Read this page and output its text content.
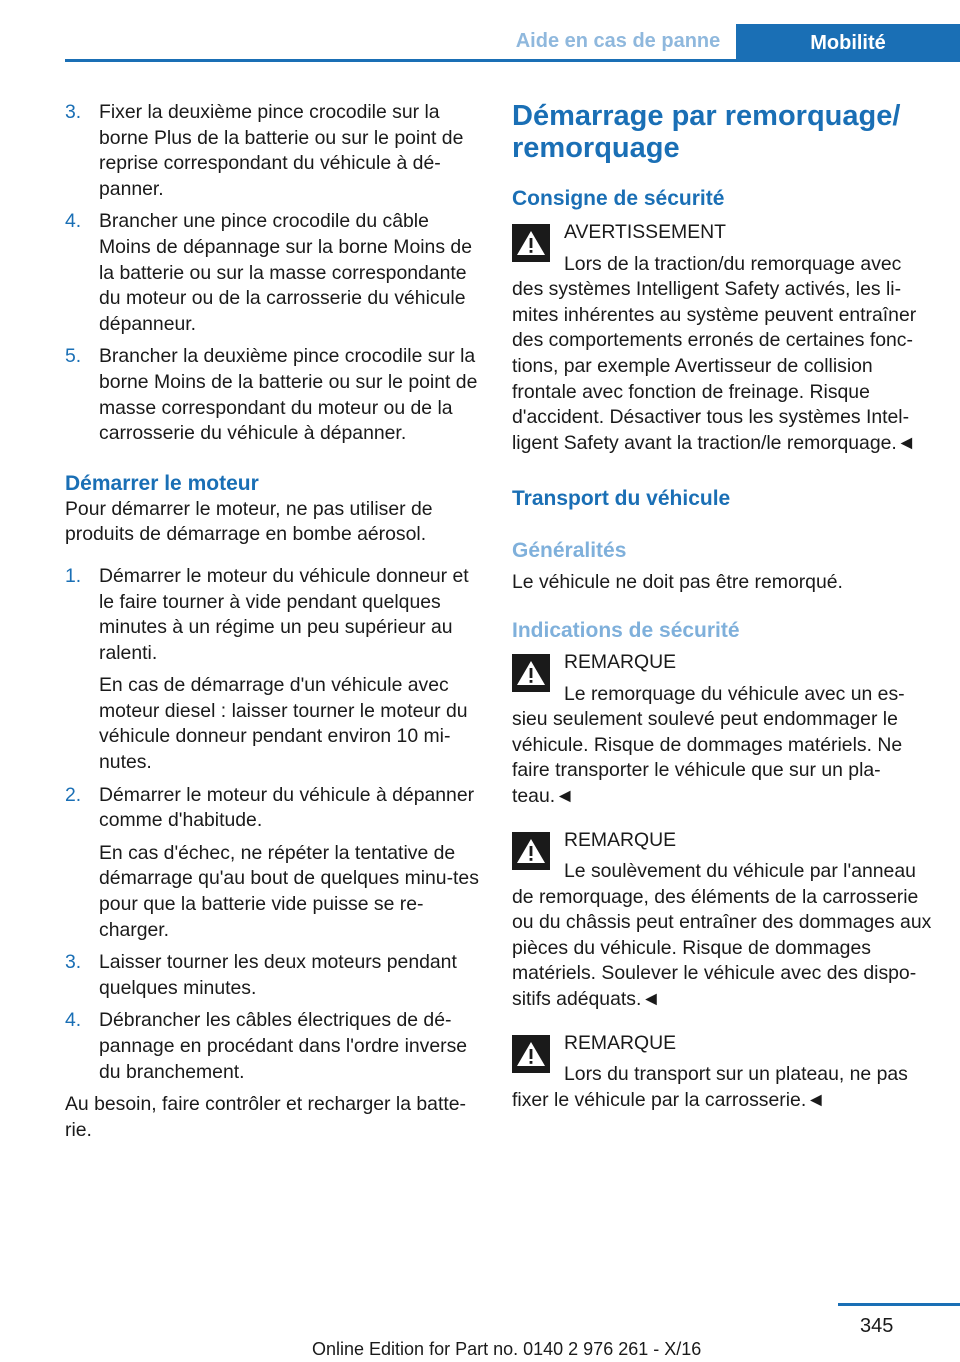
Aide en cas de panne	Mobilité
3. Fixer la deuxième pince crocodile sur la borne Plus de la batterie ou sur le point de reprise correspondant du véhicule à dé-panner.
4. Brancher une pince crocodile du câble Moins de dépannage sur la borne Moins de la batterie ou sur la masse correspondante du moteur ou de la carrosserie du véhicule dépanneur.
5. Brancher la deuxième pince crocodile sur la borne Moins de la batterie ou sur le point de masse correspondant du moteur ou de la carrosserie du véhicule à dépanner.
Démarrer le moteur

Pour démarrer le moteur, ne pas utiliser de produits de démarrage en bombe aérosol.

1. Démarrer le moteur du véhicule donneur et le faire tourner à vide pendant quelques minutes à un régime un peu supérieur au ralenti.
En cas de démarrage d'un véhicule avec moteur diesel : laisser tourner le moteur du véhicule donneur pendant environ 10 mi-nutes.
2. Démarrer le moteur du véhicule à dépanner comme d'habitude.
En cas d'échec, ne répéter la tentative de démarrage qu'au bout de quelques minu-tes pour que la batterie vide puisse se re-charger.
3. Laisser tourner les deux moteurs pendant quelques minutes.
4. Débrancher les câbles électriques de dé-pannage en procédant dans l'ordre inverse du branchement.

Au besoin, faire contrôler et recharger la batte-rie.

Démarrage par remorquage/ remorquage
Consigne de sécurité
AVERTISSEMENT
Lors de la traction/du remorquage avec
des systèmes Intelligent Safety activés, les li-mites inhérentes au système peuvent entraîner des comportements erronés de certaines fonc-tions, par exemple Avertisseur de collision frontale avec fonction de freinage. Risque d'accident. Désactiver tous les systèmes Intel-ligent Safety avant la traction/le remorquage.◄
Transport du véhicule
Généralités

Le véhicule ne doit pas être remorqué.

Indications de sécurité
REMARQUE
Le remorquage du véhicule avec un es-
sieu seulement soulevé peut endommager le véhicule. Risque de dommages matériels. Ne faire transporter le véhicule que sur un pla-teau.◄
REMARQUE
Le soulèvement du véhicule par l'anneau
de remorquage, des éléments de la carrosserie ou du châssis peut entraîner des dommages aux pièces du véhicule. Risque de dommages matériels. Soulever le véhicule avec des dispo-sitifs adéquats.◄
REMARQUE
Lors du transport sur un plateau, ne pas
fixer le véhicule par la carrosserie.◄
345
Online Edition for Part no. 0140 2 976 261 - X/16
